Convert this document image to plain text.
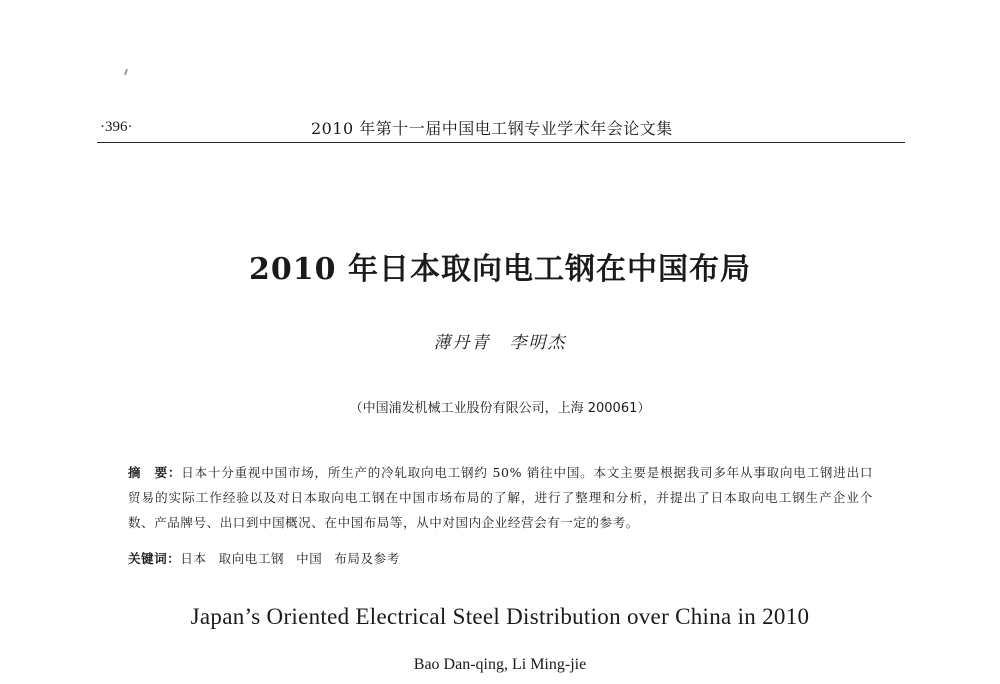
·396·	2010 年第十一届中国电工钢专业学术年会论文集
2010 年日本取向电工钢在中国布局
薄丹青　李明杰
（中国浦发机械工业股份有限公司，上海 200061）
摘　要：日本十分重视中国市场，所生产的冷轧取向电工钢约 50% 销往中国。本文主要是根据我司多年从事取向电工钢进出口贸易的实际工作经验以及对日本取向电工钢在中国市场布局的了解，进行了整理和分析，并提出了日本取向电工钢生产企业个数、产品牌号、出口到中国概况、在中国布局等，从中对国内企业经营会有一定的参考。
关键词：日本 取向电工钢 中国 布局及参考
Japan’s Oriented Electrical Steel Distribution over China in 2010
Bao Dan-qing, Li Ming-jie
